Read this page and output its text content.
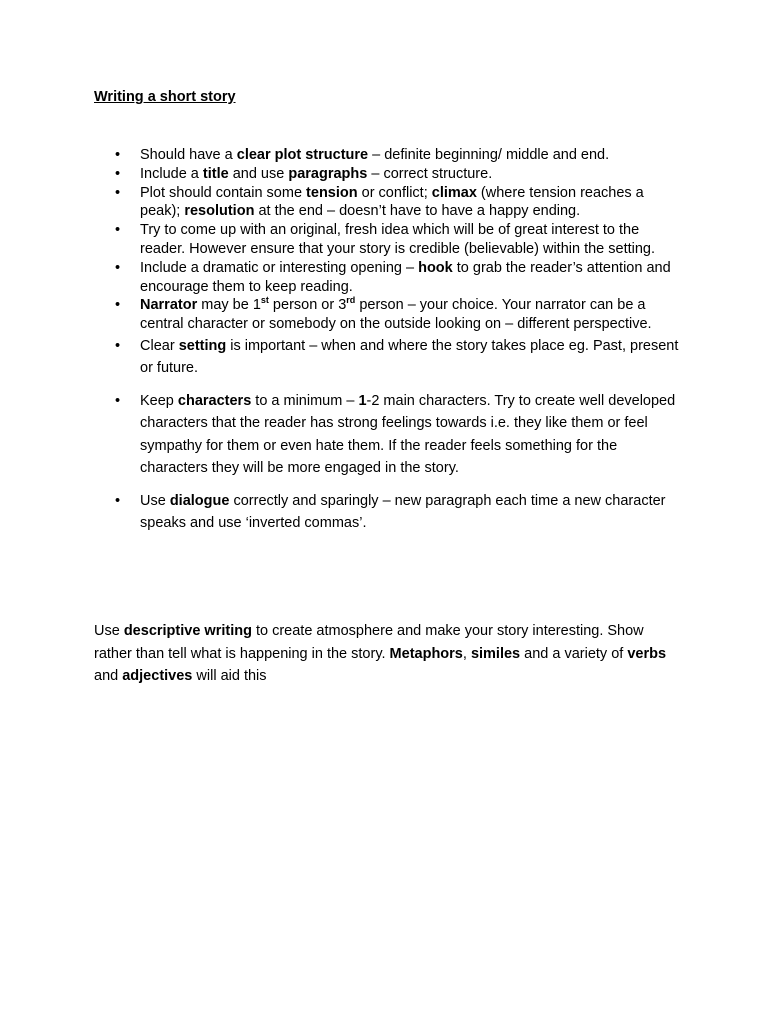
Writing a short story
• Should have a clear plot structure – definite beginning/ middle and end.
• Include a title and use paragraphs – correct structure.
• Plot should contain some tension or conflict; climax (where tension reaches a peak); resolution at the end – doesn’t have to have a happy ending.
• Try to come up with an original, fresh idea which will be of great interest to the reader. However ensure that your story is credible (believable) within the setting.
• Include a dramatic or interesting opening – hook to grab the reader’s attention and encourage them to keep reading.
• Narrator may be 1st person or 3rd person – your choice. Your narrator can be a central character or somebody on the outside looking on – different perspective.
• Clear setting is important – when and where the story takes place eg. Past, present or future.
• Keep characters to a minimum – 1-2 main characters. Try to create well developed characters that the reader has strong feelings towards i.e. they like them or feel sympathy for them or even hate them. If the reader feels something for the characters they will be more engaged in the story.
• Use dialogue correctly and sparingly – new paragraph each time a new character speaks and use ‘inverted commas’.

Use descriptive writing to create atmosphere and make your story interesting. Show rather than tell what is happening in the story. Metaphors, similes and a variety of verbs and adjectives will aid this
